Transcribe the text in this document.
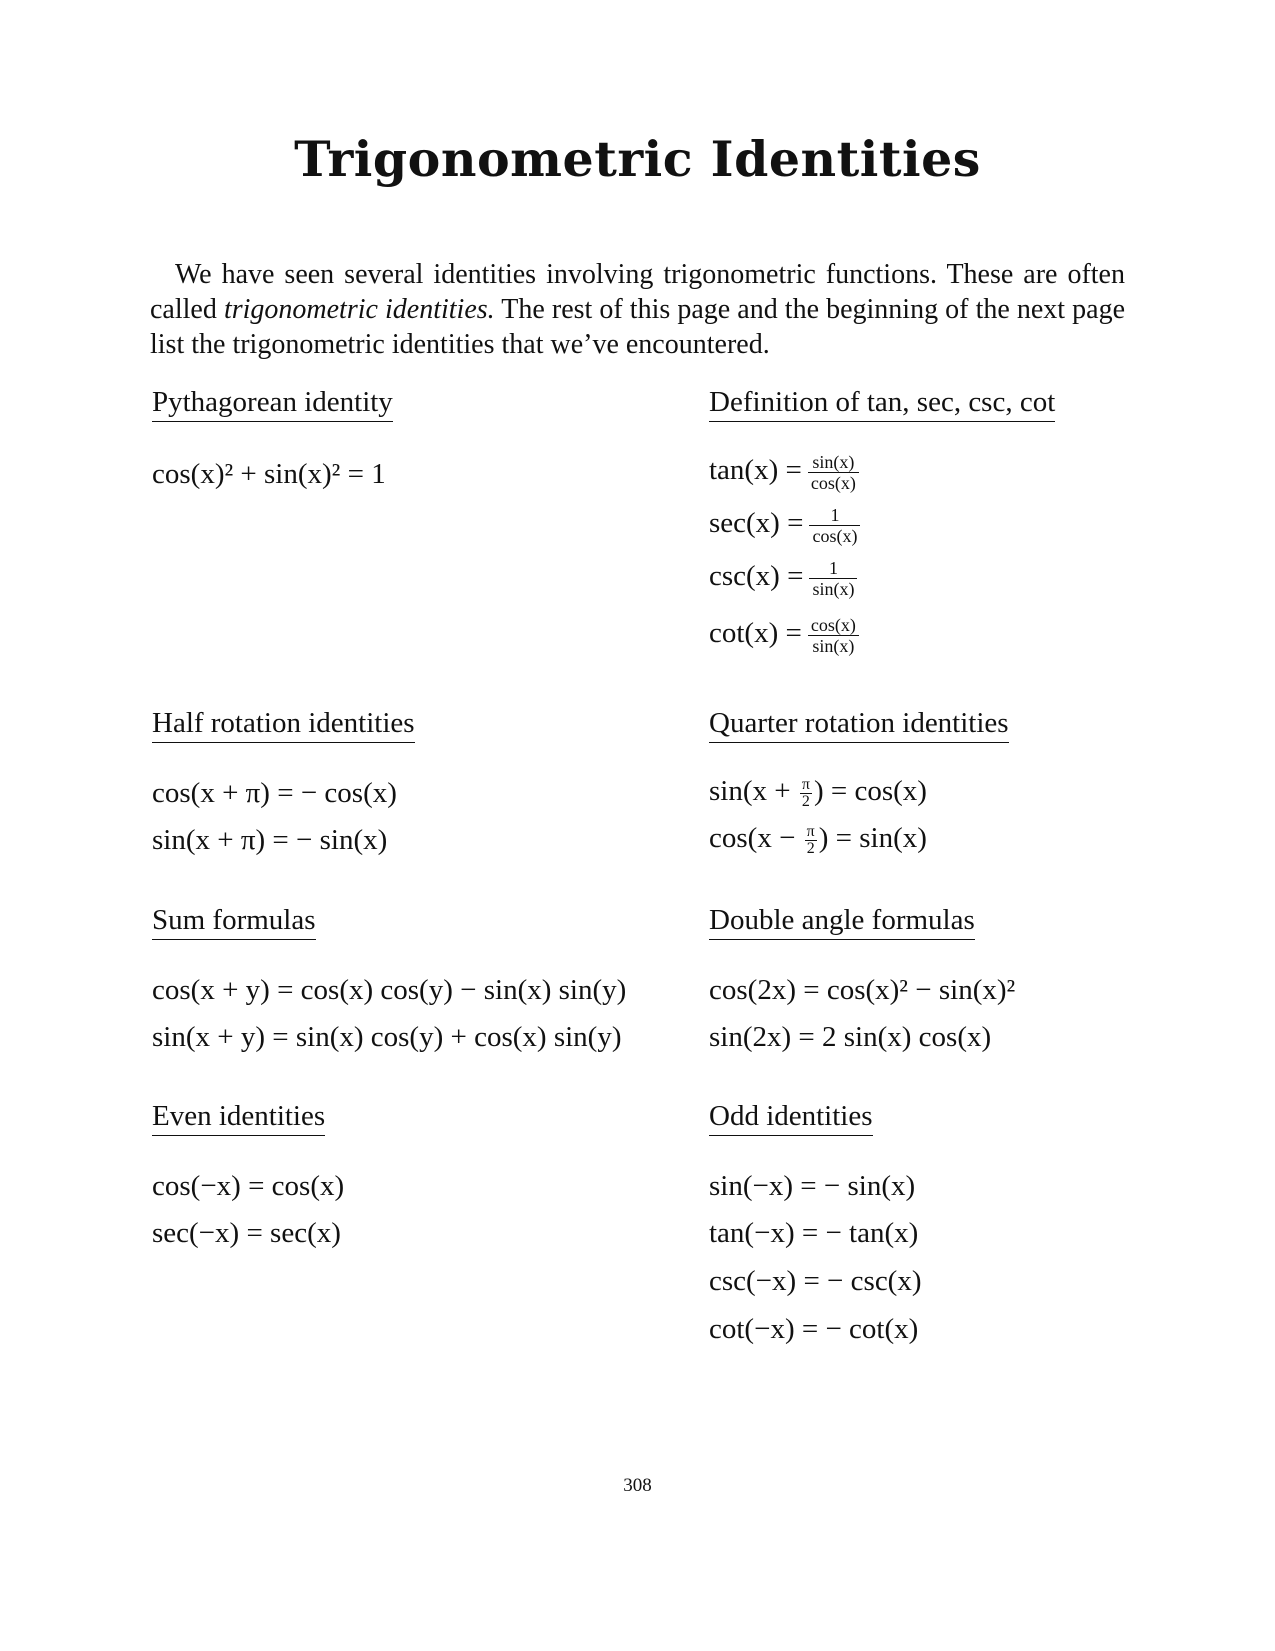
Trigonometric Identities
We have seen several identities involving trigonometric functions. These are often called trigonometric identities. The rest of this page and the beginning of the next page list the trigonometric identities that we’ve encountered.
Pythagorean identity
cos(x)² + sin(x)² = 1
Definition of tan, sec, csc, cot
$\tan(x) = \frac{\sin(x)}{\cos(x)}$
$\sec(x) = \frac{1}{\cos(x)}$
$\csc(x) = \frac{1}{\sin(x)}$
$\cot(x) = \frac{\cos(x)}{\sin(x)}$
Half rotation identities
cos(x + π) = − cos(x)
sin(x + π) = − sin(x)
Quarter rotation identities
$\sin(x + \frac{\pi}{2}$ ) = cos(x)
$\cos(x - \frac{\pi}{2}$ ) = sin(x)
Sum formulas
cos(x + y) = cos(x) cos(y) − sin(x) sin(y)
sin(x + y) = sin(x) cos(y) + cos(x) sin(y)
Double angle formulas
cos(2x) = cos(x)² − sin(x)²
sin(2x) = 2 sin(x) cos(x)
Even identities
cos(−x) = cos(x)
sec(−x) = sec(x)
Odd identities
sin(−x) = − sin(x)
tan(−x) = − tan(x)
csc(−x) = − csc(x)
cot(−x) = − cot(x)
308
